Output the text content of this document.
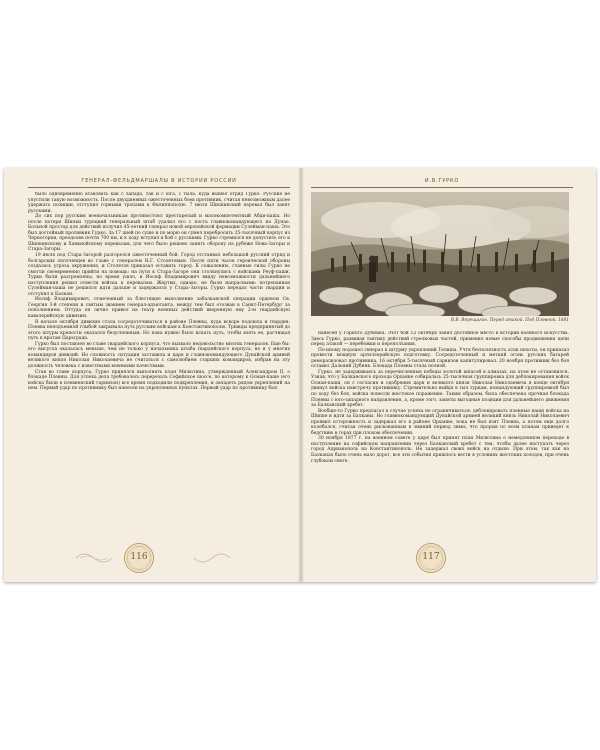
ГЕНЕРАЛ-ФЕЛЬДМАРШАЛЫ В ИСТОРИИ РОССИИ

было одновременно атаковать как с запада, так и с юга, с тыла, куда вышел отряд Гурко. Русские не упустили такую возможность. После двухдневных ожесточенных боев противник, считая невозможным далее удержать позиции, отступил горными тропами к Филиппополю. 7 июля Шипкинский перевал был занят русскими.

До сих пор русским военачальникам противостоял престарелый и малокомпетентный Абди-паша. Но после потери Шипки турецкий генеральный штаб удалил его с поста главнокомандующего на Дунае. Больной простор для действий получил 45-летний генерал новой европейской формации Сулейман-паша. Это был достойный противник Гурко. За 17 дней по суше и по морю он сумел перебросить 25-тысячный корпус из Черногории, преодолев почти 700 км, и к ходу вступил в бой с русскими. Гурко стремился не допустить его к Шипкинскому и Ханкиойскому перевалам, для чего было решено занять оборону на рубеже Нова-Загоры и Стара-Загоры.

19 июля под Стара-Загорой разгорелся ожесточенный бой. Город отстаивал небольшой русский отряд и болгарских ополченцев во главе с генералом Н.Г. Столетовым. После пяти часов героической обороны создалась угроза окружения, и Столетов приказал оставить город. К сожалению, главные силы Гурко не смогли своевременно прийти на помощь: на пути к Стара-Загоре они столкнулись с войсками Реуф-паши. Турки были разгромлены, но время ушло, и Иосиф Владимирович ввиду невозможности дальнейшего наступления решил отвести войска к перевалам. Жертвы, однако, не были напрасными: потрепанная Сулейман-паша не решился идти дальше и задержался у Стара-Загоры. Гурко передал части гвардии и отступил к Балкан.

Иосиф Владимирович, отмеченный за блестящее выполнение забалканской операции орденом Св. Георгия 3-й степени и святым званием генерал-адъютанта, между тем был отозван в Санкт-Петербург за пополнением. Оттуда он лично привел на театр военных действий вверенную ему 2-ю гвардейскую кавалерийскую дивизию.

В начале октября дивизия стала сосредоточиваться в районе Плевны, куда вскоре подошла и гвардия. Плевна неподъемной глыбой закрывала путь русским войскам к Константинополю. Трижды предпринятый до этого штурм крепости оказался безуспешным. Но пока нужно было искать путь, чтобы взять ее, расчищая путь к вратам Царьграда.

Гурко был поставлен во главе гвардейского корпуса, что вызвало недовольство многих генералов. Еще бы: его высусла оказалась меньше, чем не только у начальника штаба гвардейского корпуса, но и у многих командиров дивизий. Но сложность ситуации заставила и царя и главнокомандующего Дунайской армией великого князя Николая Николаевича не считаться с самолюбием старших командиров, избрав на эту должность человека с известными военными качествами.

Став во главе корпуса, Гурко принялся выполнять план Милютина, утвержденный Александром II, о блокаде Плевны. Для успеха дела требовалось перерезать Софийское шоссе, по которому к Осман-паше (его войска были в плевненский гарнизон) все время подходили подкрепления, и овладеть рядом укреплений на нем. Первый удар по противнику был нанесен на укрепленных пунктах. Первый удар по противнику был

116
И.В.ГУРКО
В.В. Верещагин. Перед атакой. Под Плевной. 1881

нанесен у Горного Дубника. Этот бой 12 октября занял достойное место в истории военного искусства. Здесь Гурко, развивая тактику действий стрелковых частей, применил новые способы продвижения цепи перед атакой — перебежки и переползания.

По-иному подошел генерал к штурму укреплений Телиша. Учтя бесполезность атак пехоты, он приказал провести мощную артиллерийскую подготовку. Сосредоточенный и меткий огонь русских батарей деморализовал противника, 16 октября 5-тысячный гарнизон капитулировал. 20 ноября противник без боя оставил Дальний Дубняк. Блокада Плевны стала полной.

Гурко, не задерживаясь за перечисленные победы золотой шпагой в алмазах, на этом не остановился. Узнав, что у Балканского прохода Орхание собиралась 25-тысячная группировка для деблокирования войск Осман-паши, он с согласия и одобрения царя и великого князя Николая Николаевича в конце октября двинул войска навстречу противнику. Стремительно выйдя в тыл туркам, командующий группировкой был по ходу без боя, войска понесли жестокое поражение. Таким образом, была обеспечена прочная блокада Плевны с юго-западного направления, а, кроме того, заняты выгодные позиции для дальнейшего движения за Балканский хребет.

Вообще-то Гурко предлагал в случае успеха не ограничиваться: деблокировать пленные наши войска на Шипке и идти за Балканы. Но главнокомандующий Дунайской армией великий князь Николай Николаевич проявил осторожность и задержал его в районе Орхание, пока не был взят Плевна, а потом еще долго колебался, считая очень рискованным в зимний период зимы, что прорыв по всем планам приведет к бедствию в горах при плохом обеспечении.

30 ноября 1877 г. на военном совете у царя был принят план Милютина о немедленном переходе в наступление на софийском направлении через Балканский хребет с тем, чтобы далее наступать через город Адрианополь на Константинополь. Не задержал своих войск на отдыхе. При этом, так как на Балканах было очень мало дорог, все эти события пришлось вести в условиях жестоких холодов, при очень глубоком снеге.

117
